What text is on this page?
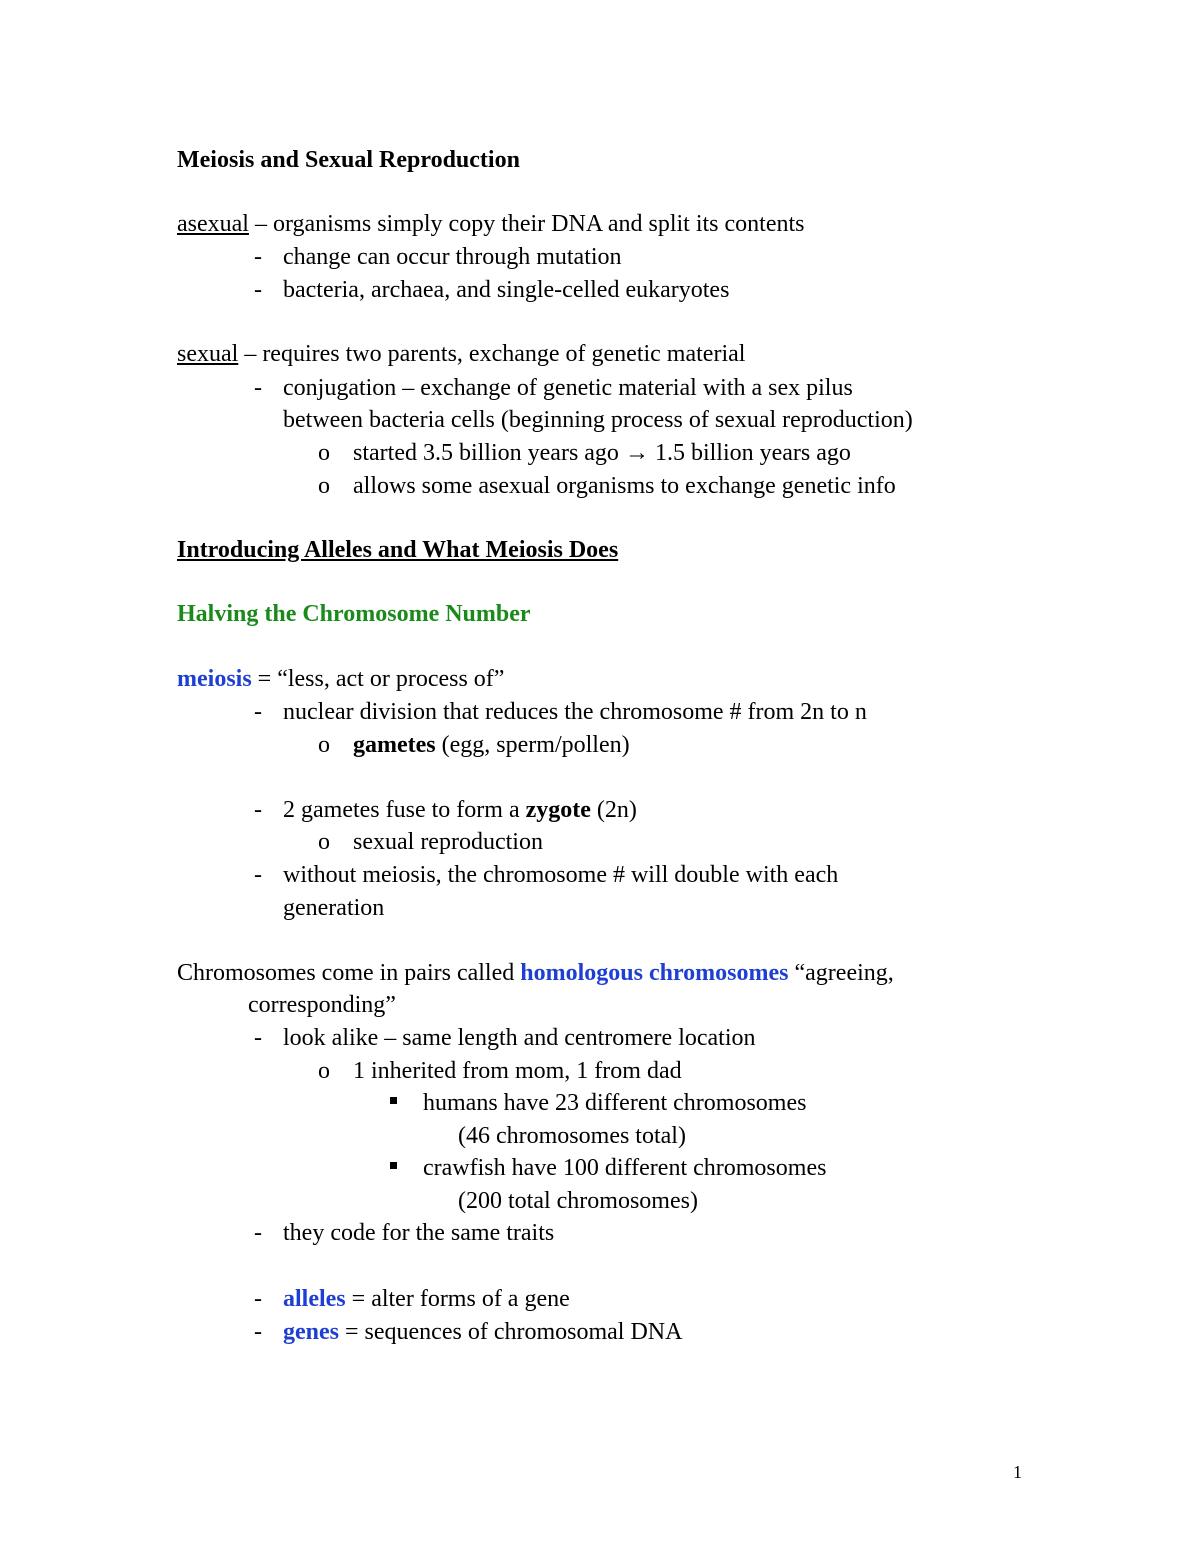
Meiosis and Sexual Reproduction
asexual – organisms simply copy their DNA and split its contents
- change can occur through mutation
- bacteria, archaea, and single-celled eukaryotes
sexual – requires two parents, exchange of genetic material
- conjugation – exchange of genetic material with a sex pilus
between bacteria cells (beginning process of sexual reproduction)
o started 3.5 billion years ago → 1.5 billion years ago
o allows some asexual organisms to exchange genetic info
Introducing Alleles and What Meiosis Does
Halving the Chromosome Number
meiosis = “less, act or process of”
- nuclear division that reduces the chromosome # from 2n to n
o gametes (egg, sperm/pollen)
- 2 gametes fuse to form a zygote (2n)
o sexual reproduction
- without meiosis, the chromosome # will double with each
generation
Chromosomes come in pairs called homologous chromosomes “agreeing,
corresponding”
- look alike – same length and centromere location
o 1 inherited from mom, 1 from dad
humans have 23 different chromosomes
(46 chromosomes total)
crawfish have 100 different chromosomes
(200 total chromosomes)
- they code for the same traits
- alleles = alter forms of a gene
- genes = sequences of chromosomal DNA
1
